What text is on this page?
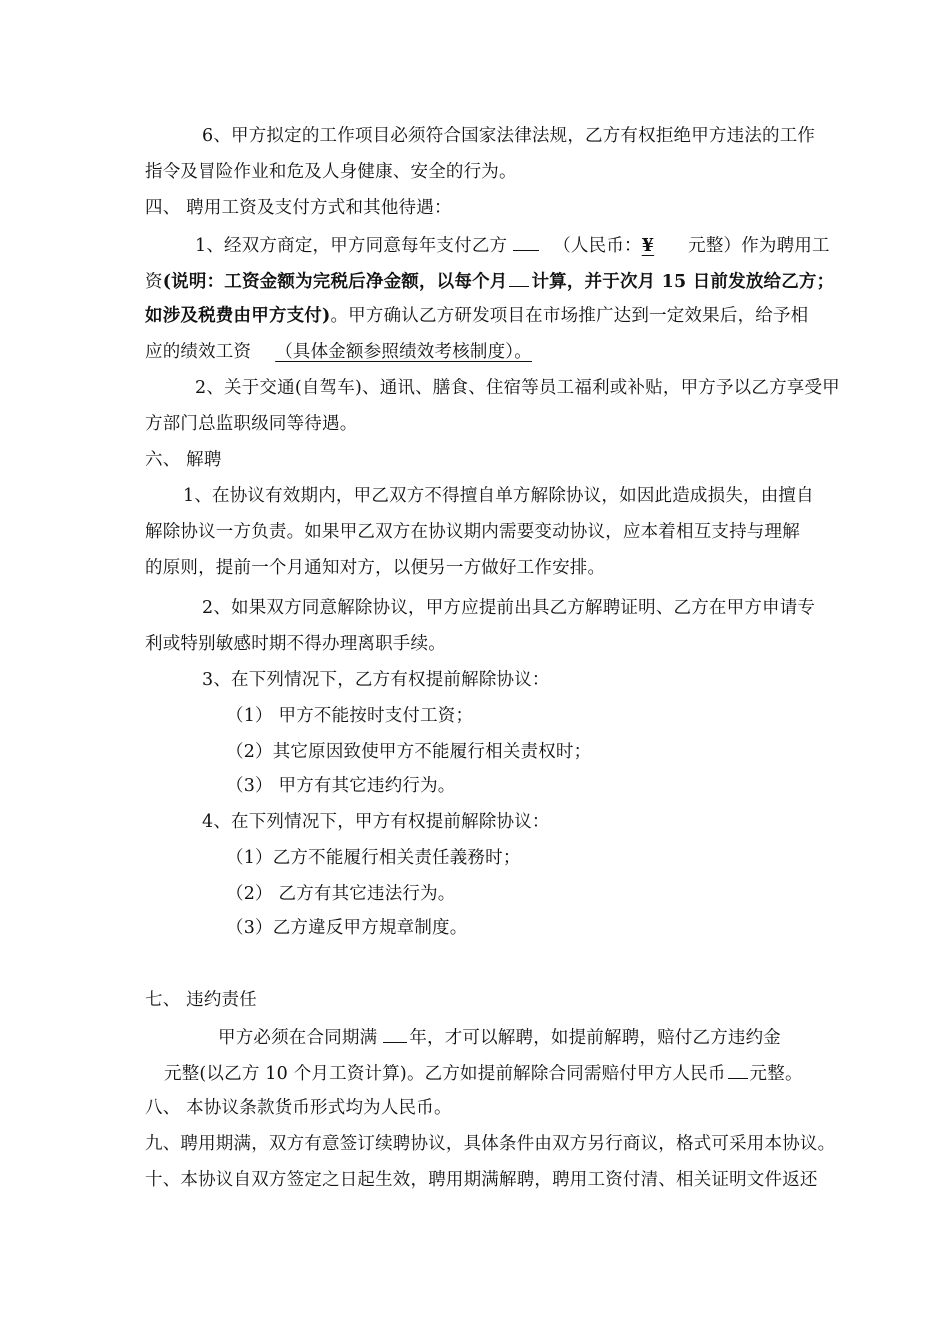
6、甲方拟定的工作项目必须符合国家法律法规，乙方有权拒绝甲方违法的工作
指令及冒险作业和危及人身健康、安全的行为。
四、 聘用工资及支付方式和其他待遇：
1、经双方商定，甲方同意每年支付乙方	（人民币：¥ 元整）作为聘用工
资(说明：工资金额为完税后净金额，以每个月 计算，并于次月 15 日前发放给乙方；
如涉及税费由甲方支付)。甲方确认乙方研发项目在市场推广达到一定效果后，给予相
应的绩效工资 （具体金额参照绩效考核制度）。
2、关于交通(自驾车)、通讯、膳食、住宿等员工福利或补贴，甲方予以乙方享受甲
方部门总监职级同等待遇。
六、 解聘
1、在协议有效期内，甲乙双方不得擅自单方解除协议，如因此造成损失，由擅自
解除协议一方负责。如果甲乙双方在协议期内需要变动协议，应本着相互支持与理解
的原则，提前一个月通知对方，以便另一方做好工作安排。
2、如果双方同意解除协议，甲方应提前出具乙方解聘证明、乙方在甲方申请专
利或特别敏感时期不得办理离职手续。
3、在下列情况下，乙方有权提前解除协议：
（1） 甲方不能按时支付工资；
（2）其它原因致使甲方不能履行相关责权时；
（3） 甲方有其它违约行为。
4、在下列情况下，甲方有权提前解除协议：
（1）乙方不能履行相关责任義務时；
（2） 乙方有其它违法行为。
（3）乙方違反甲方規章制度。
七、 违约责任
甲方必须在合同期满 年，才可以解聘，如提前解聘，赔付乙方违约金
元整(以乙方 10 个月工资计算)。乙方如提前解除合同需赔付甲方人民币 元整。
八、 本协议条款货币形式均为人民币。
九、聘用期满，双方有意签订续聘协议，具体条件由双方另行商议，格式可采用本协议。
十、本协议自双方签定之日起生效，聘用期满解聘，聘用工资付清、相关证明文件返还
